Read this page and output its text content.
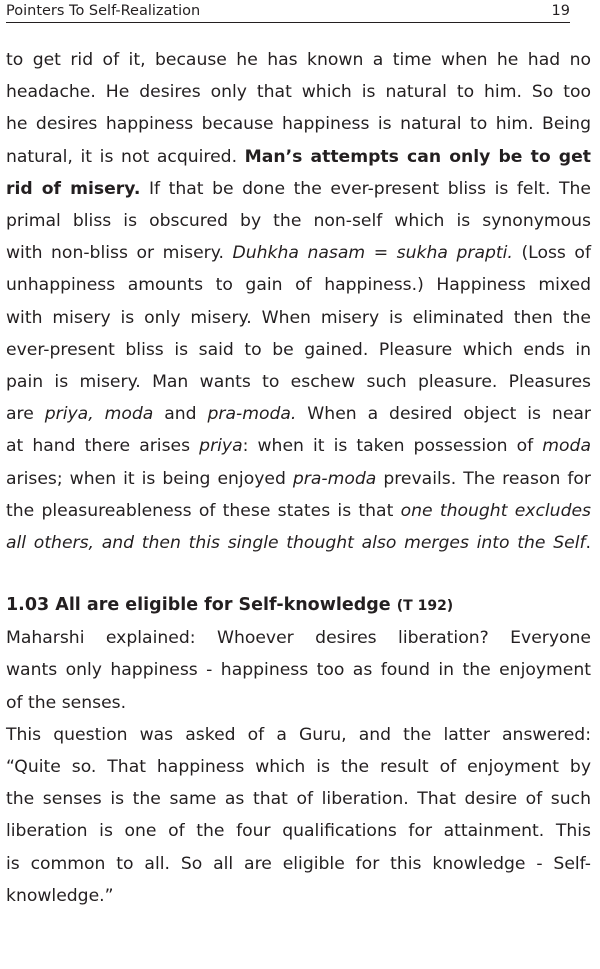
Pointers To Self-Realization	19
to get rid of it, because he has known a time when he had no
headache. He desires only that which is natural to him. So too
he desires happiness because happiness is natural to him. Being
natural, it is not acquired. Man’s attempts can only be to get
rid of misery. If that be done the ever-present bliss is felt. The
primal bliss is obscured by the non-self which is synonymous
with non-bliss or misery. Duhkha nasam = sukha prapti. (Loss of
unhappiness amounts to gain of happiness.) Happiness mixed
with misery is only misery. When misery is eliminated then the
ever-present bliss is said to be gained. Pleasure which ends in
pain is misery. Man wants to eschew such pleasure. Pleasures
are priya, moda and pra-moda. When a desired object is near
at hand there arises priya: when it is taken possession of moda
arises; when it is being enjoyed pra-moda prevails. The reason for
the pleasureableness of these states is that one thought excludes
all others, and then this single thought also merges into the Self.
1.03 All are eligible for Self-knowledge (T 192)
Maharshi explained: Whoever desires liberation? Everyone
wants only happiness - happiness too as found in the enjoyment
of the senses.
This question was asked of a Guru, and the latter answered:
“Quite so. That happiness which is the result of enjoyment by
the senses is the same as that of liberation. That desire of such
liberation is one of the four qualifications for attainment. This
is common to all. So all are eligible for this knowledge - Self-
knowledge.”
